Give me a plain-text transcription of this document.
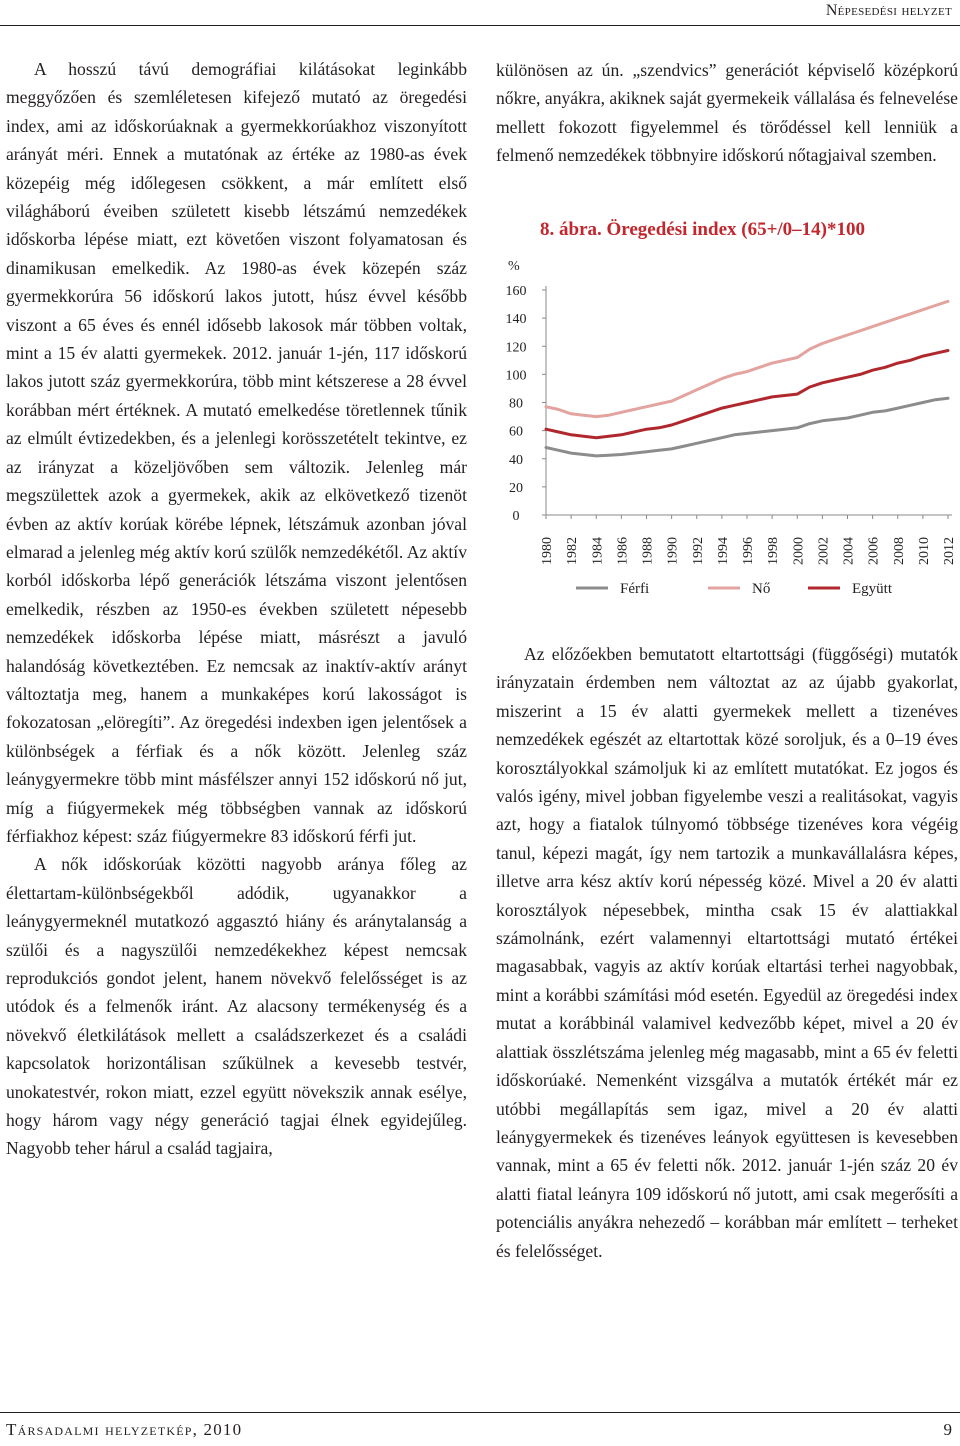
Népesedési helyzet

A hosszú távú demográfiai kilátásokat leginkább meggyőzően és szemléletesen kifejező mutató az öregedési index, ami az időskorúaknak a gyermekkorúakhoz viszonyított arányát méri. Ennek a mutatónak az értéke az 1980-as évek közepéig még időlegesen csökkent, a már említett első világháború éveiben született kisebb létszámú nemzedékek időskorba lépése miatt, ezt követően viszont folyamatosan és dinamikusan emelkedik. Az 1980-as évek közepén száz gyermekkorúra 56 időskorú lakos jutott, húsz évvel később viszont a 65 éves és ennél idősebb lakosok már többen voltak, mint a 15 év alatti gyermekek. 2012. január 1-jén, 117 időskorú lakos jutott száz gyermekkorúra, több mint kétszerese a 28 évvel korábban mért értéknek. A mutató emelkedése töretlennek tűnik az elmúlt évtizedekben, és a jelenlegi korösszetételt tekintve, ez az irányzat a közeljövőben sem változik. Jelenleg már megszülettek azok a gyermekek, akik az elkövetkező tizenöt évben az aktív korúak körébe lépnek, létszámuk azonban jóval elmarad a jelenleg még aktív korú szülők nemzedékétől. Az aktív korból időskorba lépő generációk létszáma viszont jelentősen emelkedik, részben az 1950-es években született népesebb nemzedékek időskorba lépése miatt, másrészt a javuló halandóság következtében. Ez nemcsak az inaktív-aktív arányt változtatja meg, hanem a munkaképes korú lakosságot is fokozatosan „elöregíti”. Az öregedési indexben igen jelentősek a különbségek a férfiak és a nők között. Jelenleg száz leánygyermekre több mint másfélszer annyi 152 időskorú nő jut, míg a fiúgyermekek még többségben vannak az időskorú férfiakhoz képest: száz fiúgyermekre 83 időskorú férfi jut.

A nők időskorúak közötti nagyobb aránya főleg az élettartam-különbségekből adódik, ugyanakkor a leánygyermeknél mutatkozó aggasztó hiány és aránytalanság a szülői és a nagyszülői nemzedékekhez képest nemcsak reprodukciós gondot jelent, hanem növekvő felelősséget is az utódok és a felmenők iránt. Az alacsony termékenység és a növekvő életkilátások mellett a családszerkezet és a családi kapcsolatok horizontálisan szűkülnek a kevesebb testvér, unokatestvér, rokon miatt, ezzel együtt növekszik annak esélye, hogy három vagy négy generáció tagjai élnek egyidejűleg. Nagyobb teher hárul a család tagjaira,

különösen az ún. „szendvics” generációt képviselő középkorú nőkre, anyákra, akiknek saját gyermekeik vállalása és felnevelése mellett fokozott figyelemmel és törődéssel kell lenniük a felmenő nemzedékek többnyire időskorú nőtagjaival szemben.

8. ábra. Öregedési index (65+/0–14)*100
%
0
20
40
60
80
100
120
140
160
1980 1982 1984 1986 1988 1990 1992 1994 1996 1998 2000 2002 2004 2006 2008 2010 2012
Férfi	Nő	Együtt

Az előzőekben bemutatott eltartottsági (függőségi) mutatók irányzatain érdemben nem változtat az az újabb gyakorlat, miszerint a 15 év alatti gyermekek mellett a tizenéves nemzedékek egészét az eltartottak közé soroljuk, és a 0–19 éves korosztályokkal számoljuk ki az említett mutatókat. Ez jogos és valós igény, mivel jobban figyelembe veszi a realitásokat, vagyis azt, hogy a fiatalok túlnyomó többsége tizenéves kora végéig tanul, képezi magát, így nem tartozik a munkavállalásra képes, illetve arra kész aktív korú népesség közé. Mivel a 20 év alatti korosztályok népesebbek, mintha csak 15 év alattiakkal számolnánk, ezért valamennyi eltartottsági mutató értékei magasabbak, vagyis az aktív korúak eltartási terhei nagyobbak, mint a korábbi számítási mód esetén. Egyedül az öregedési index mutat a korábbinál valamivel kedvezőbb képet, mivel a 20 év alattiak összlétszáma jelenleg még magasabb, mint a 65 év feletti időskorúaké. Nemenként vizsgálva a mutatók értékét már ez utóbbi megállapítás sem igaz, mivel a 20 év alatti leánygyermekek és tizenéves leányok együttesen is kevesebben vannak, mint a 65 év feletti nők. 2012. január 1-jén száz 20 év alatti fiatal leányra 109 időskorú nő jutott, ami csak megerősíti a potenciális anyákra nehezedő – korábban már említett – terheket és felelősséget.

Társadalmi helyzetkép, 2010	9
